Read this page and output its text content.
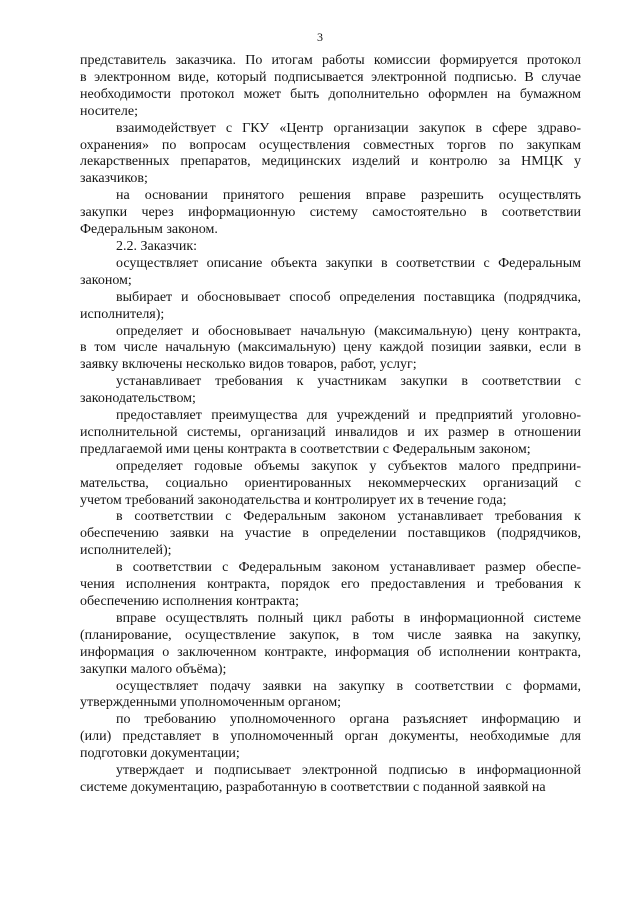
3
представитель заказчика. По итогам работы комиссии формируется протокол
в электронном виде, который подписывается электронной подписью. В случае
необходимости протокол может быть дополнительно оформлен на бумажном
носителе;
взаимодействует с ГКУ «Центр организации закупок в сфере здраво-
охранения» по вопросам осуществления совместных торгов по закупкам
лекарственных препаратов, медицинских изделий и контролю за НМЦК у
заказчиков;
на основании принятого решения вправе разрешить осуществлять
закупки через информационную систему самостоятельно в соответствии
Федеральным законом.
2.2. Заказчик:
осуществляет описание объекта закупки в соответствии с Федеральным
законом;
выбирает и обосновывает способ определения поставщика (подрядчика,
исполнителя);
определяет и обосновывает начальную (максимальную) цену контракта,
в том числе начальную (максимальную) цену каждой позиции заявки, если в
заявку включены несколько видов товаров, работ, услуг;
устанавливает требования к участникам закупки в соответствии с
законодательством;
предоставляет преимущества для учреждений и предприятий уголовно-
исполнительной системы, организаций инвалидов и их размер в отношении
предлагаемой ими цены контракта в соответствии с Федеральным законом;
определяет годовые объемы закупок у субъектов малого предприни-
мательства, социально ориентированных некоммерческих организаций с
учетом требований законодательства и контролирует их в течение года;
в соответствии с Федеральным законом устанавливает требования к
обеспечению заявки на участие в определении поставщиков (подрядчиков,
исполнителей);
в соответствии с Федеральным законом устанавливает размер обеспе-
чения исполнения контракта, порядок его предоставления и требования к
обеспечению исполнения контракта;
вправе осуществлять полный цикл работы в информационной системе
(планирование, осуществление закупок, в том числе заявка на закупку,
информация о заключенном контракте, информация об исполнении контракта,
закупки малого объёма);
осуществляет подачу заявки на закупку в соответствии с формами,
утвержденными уполномоченным органом;
по требованию уполномоченного органа разъясняет информацию и
(или) представляет в уполномоченный орган документы, необходимые для
подготовки документации;
утверждает и подписывает электронной подписью в информационной
системе документацию, разработанную в соответствии с поданной заявкой на
